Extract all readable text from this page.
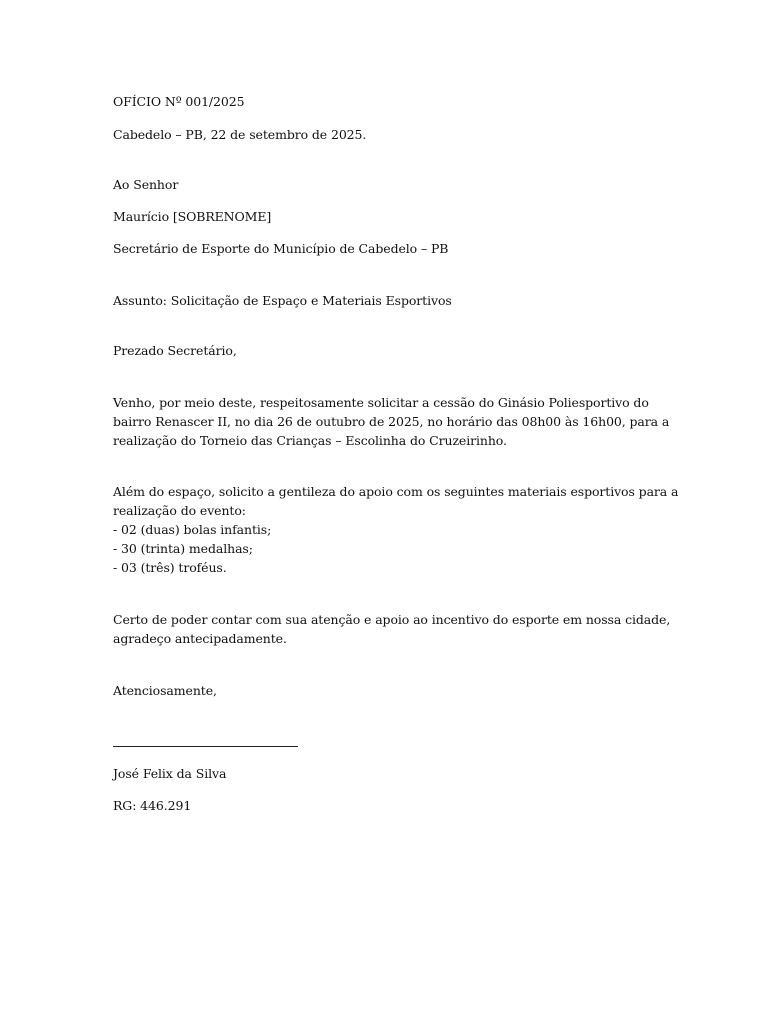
OFÍCIO Nº 001/2025
Cabedelo – PB, 22 de setembro de 2025.
Ao Senhor
Maurício [SOBRENOME]
Secretário de Esporte do Município de Cabedelo – PB
Assunto: Solicitação de Espaço e Materiais Esportivos
Prezado Secretário,
Venho, por meio deste, respeitosamente solicitar a cessão do Ginásio Poliesportivo do
bairro Renascer II, no dia 26 de outubro de 2025, no horário das 08h00 às 16h00, para a
realização do Torneio das Crianças – Escolinha do Cruzeirinho.
Além do espaço, solicito a gentileza do apoio com os seguintes materiais esportivos para a
realização do evento:
- 02 (duas) bolas infantis;
- 30 (trinta) medalhas;
- 03 (três) troféus.
Certo de poder contar com sua atenção e apoio ao incentivo do esporte em nossa cidade,
agradeço antecipadamente.
Atenciosamente,
José Felix da Silva
RG: 446.291
